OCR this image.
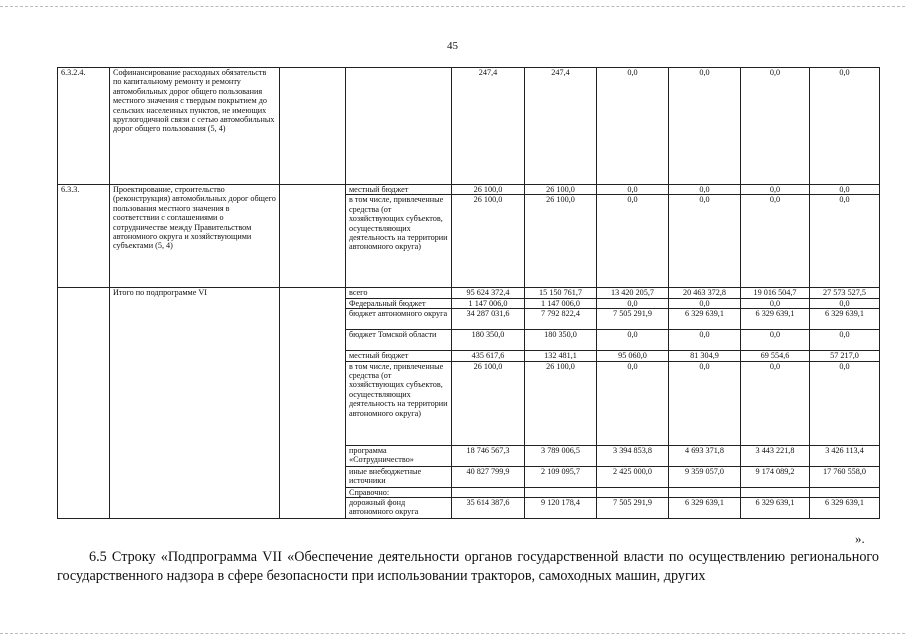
45
6.3.2.4.	Софинансирование расходных обязательств по капитальному ремонту и ремонту автомобильных дорог общего пользования местного значения с твердым покрытием до сельских населенных пунктов, не имеющих круглогодичной связи с сетью автомобильных дорог общего пользования (5, 4)			247,4	247,4	0,0	0,0	0,0	0,0
6.3.3.	Проектирование, строительство (реконструкция) автомобильных дорог общего пользования местного значения в соответствии с соглашениями о сотрудничестве между Правительством автономного округа и хозяйствующими субъектами (5, 4)		местный бюджет	26 100,0	26 100,0	0,0	0,0	0,0	0,0
			в том числе, привлеченные средства (от хозяйствующих субъектов, осуществляющих деятельность на территории автономного округа)	26 100,0	26 100,0	0,0	0,0	0,0	0,0
	Итого по подпрограмме VI		всего	95 624 372,4	15 150 761,7	13 420 205,7	20 463 372,8	19 016 504,7	27 573 527,5
			Федеральный бюджет	1 147 006,0	1 147 006,0	0,0	0,0	0,0	0,0
			бюджет автономного округа	34 287 031,6	7 792 822,4	7 505 291,9	6 329 639,1	6 329 639,1	6 329 639,1
			бюджет Томской области	180 350,0	180 350,0	0,0	0,0	0,0	0,0
			местный бюджет	435 617,6	132 481,1	95 060,0	81 304,9	69 554,6	57 217,0
			в том числе, привлеченные средства (от хозяйствующих субъектов, осуществляющих деятельность на территории автономного округа)	26 100,0	26 100,0	0,0	0,0	0,0	0,0
			программа «Сотрудничество»	18 746 567,3	3 789 006,5	3 394 853,8	4 693 371,8	3 443 221,8	3 426 113,4
			иные внебюджетные источники	40 827 799,9	2 109 095,7	2 425 000,0	9 359 057,0	9 174 089,2	17 760 558,0
			Справочно:						
			дорожный фонд автономного округа	35 614 387,6	9 120 178,4	7 505 291,9	6 329 639,1	6 329 639,1	6 329 639,1
».
6.5 Строку «Подпрограмма VII «Обеспечение деятельности органов государственной власти по осуществлению регионального государственного надзора в сфере безопасности при использовании тракторов, самоходных машин, других
